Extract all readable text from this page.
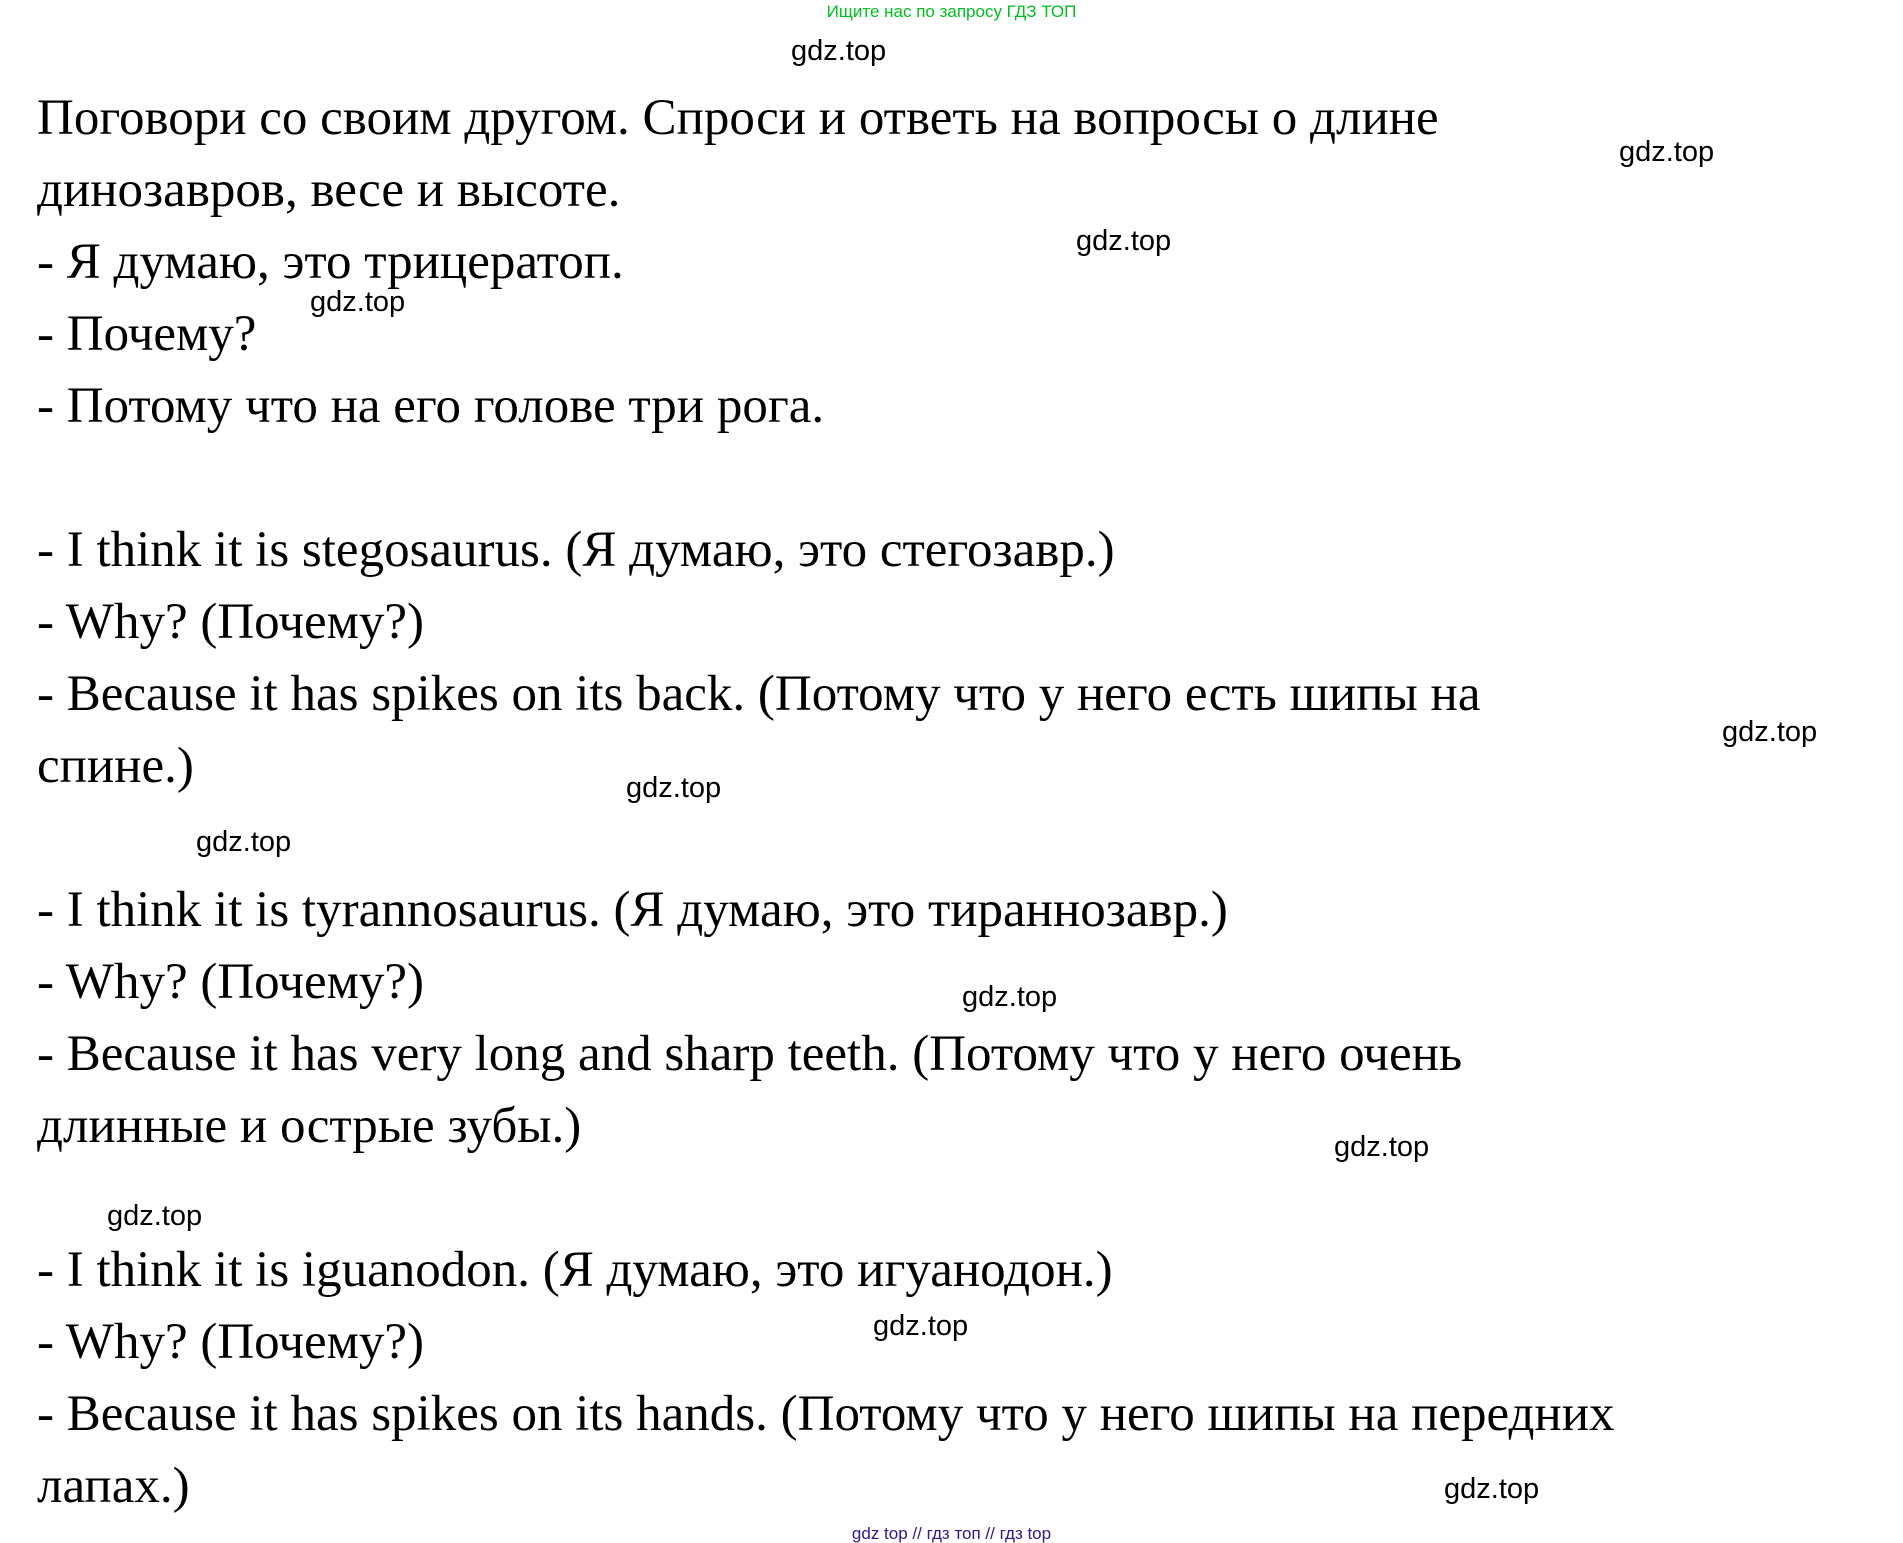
Ищите нас по запросу ГДЗ ТОП
Поговори со своим другом. Спроси и ответь на вопросы о длине
динозавров, весе и высоте.
- Я думаю, это трицератоп.
- Почему?
- Потому что на его голове три рога.
- I think it is stegosaurus. (Я думаю, это стегозавр.)
- Why? (Почему?)
- Because it has spikes on its back. (Потому что у него есть шипы на
спине.)
- I think it is tyrannosaurus. (Я думаю, это тираннозавр.)
- Why? (Почему?)
- Because it has very long and sharp teeth. (Потому что у него очень
длинные и острые зубы.)
- I think it is iguanodon. (Я думаю, это игуанодон.)
- Why? (Почему?)
- Because it has spikes on its hands. (Потому что у него шипы на передних
лапах.)
gdz.top
gdz.top
gdz.top
gdz.top
gdz.top
gdz.top
gdz.top
gdz.top
gdz.top
gdz.top
gdz.top
gdz.top
gdz top // гдз топ // гдз top
